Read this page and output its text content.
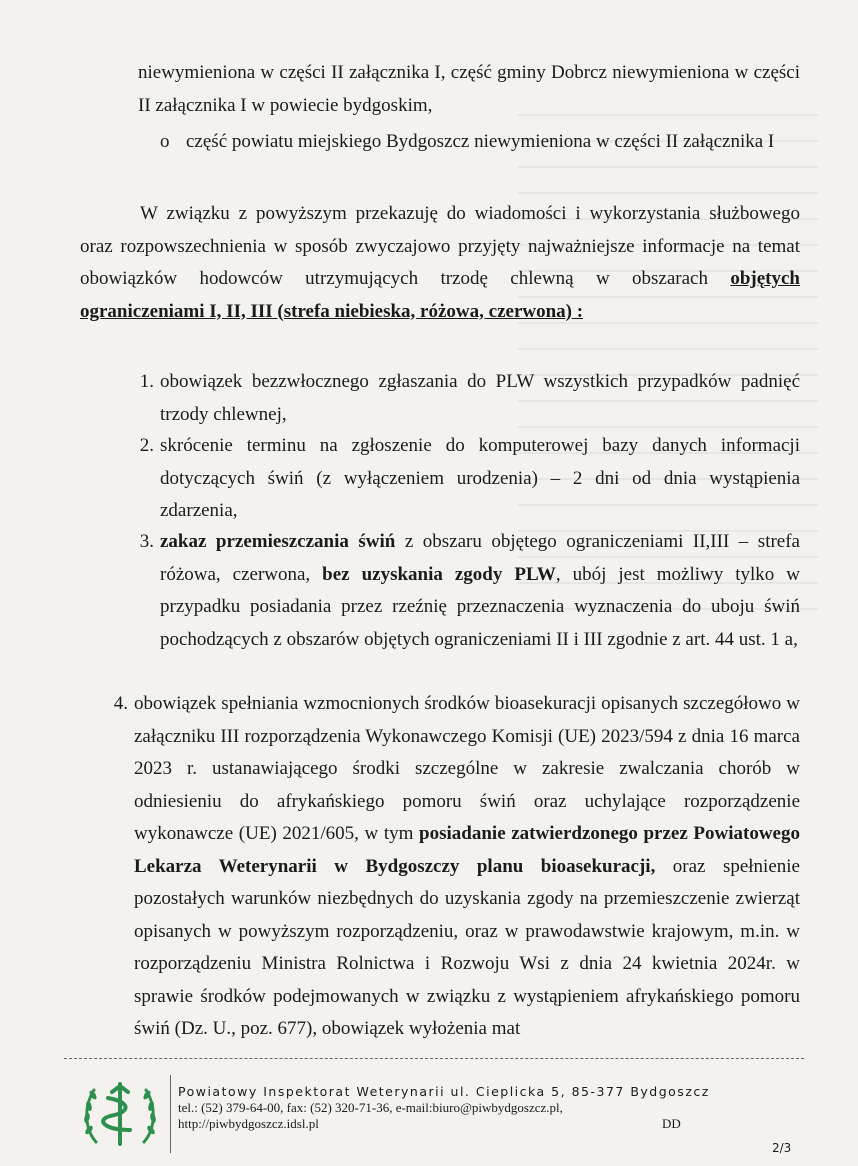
niewymieniona w części II załącznika I, część gminy Dobrcz niewymieniona w części II załącznika I w powiecie bydgoskim,

o część powiatu miejskiego Bydgoszcz niewymieniona w części II załącznika I

W związku z powyższym przekazuję do wiadomości i wykorzystania służbowego oraz rozpowszechnienia w sposób zwyczajowo przyjęty najważniejsze informacje na temat obowiązków hodowców utrzymujących trzodę chlewną w obszarach objętych ograniczeniami I, II, III (strefa niebieska, różowa, czerwona) :

1. obowiązek bezzwłocznego zgłaszania do PLW wszystkich przypadków padnięć trzody chlewnej,

2. skrócenie terminu na zgłoszenie do komputerowej bazy danych informacji dotyczących świń (z wyłączeniem urodzenia) – 2 dni od dnia wystąpienia zdarzenia,

3. zakaz przemieszczania świń z obszaru objętego ograniczeniami II,III – strefa różowa, czerwona, bez uzyskania zgody PLW, ubój jest możliwy tylko w przypadku posiadania przez rzeźnię przeznaczenia wyznaczenia do uboju świń pochodzących z obszarów objętych ograniczeniami II i III zgodnie z art. 44 ust. 1 a,

4. obowiązek spełniania wzmocnionych środków bioasekuracji opisanych szczegółowo w załączniku III rozporządzenia Wykonawczego Komisji (UE) 2023/594 z dnia 16 marca 2023 r. ustanawiającego środki szczególne w zakresie zwalczania chorób w odniesieniu do afrykańskiego pomoru świń oraz uchylające rozporządzenie wykonawcze (UE) 2021/605, w tym posiadanie zatwierdzonego przez Powiatowego Lekarza Weterynarii w Bydgoszczy planu bioasekuracji, oraz spełnienie pozostałych warunków niezbędnych do uzyskania zgody na przemieszczenie zwierząt opisanych w powyższym rozporządzeniu, oraz w prawodawstwie krajowym, m.in. w rozporządzeniu Ministra Rolnictwa i Rozwoju Wsi z dnia 24 kwietnia 2024r. w sprawie środków podejmowanych w związku z wystąpieniem afrykańskiego pomoru świń (Dz. U., poz. 677), obowiązek wyłożenia mat

Powiatowy Inspektorat Weterynarii ul. Cieplicka 5, 85-377 Bydgoszcz
tel.: (52) 379-64-00, fax: (52) 320-71-36, e-mail:biuro@piwbydgoszcz.pl,
http://piwbydgoszcz.idsl.pl	DD
2/3
